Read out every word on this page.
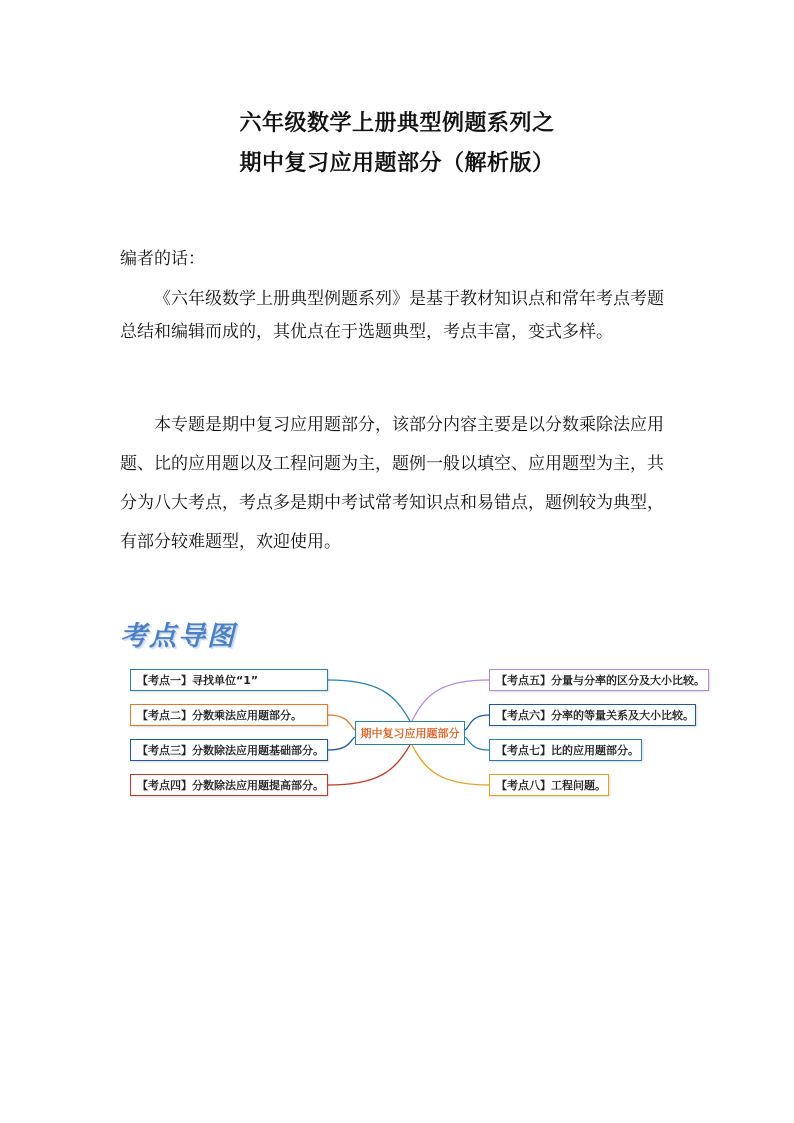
六年级数学上册典型例题系列之
期中复习应用题部分（解析版）
编者的话：
《六年级数学上册典型例题系列》是基于教材知识点和常年考点考题总结和编辑而成的，其优点在于选题典型，考点丰富，变式多样。
本专题是期中复习应用题部分，该部分内容主要是以分数乘除法应用题、比的应用题以及工程问题为主，题例一般以填空、应用题型为主，共分为八大考点，考点多是期中考试常考知识点和易错点，题例较为典型，有部分较难题型，欢迎使用。
考点导图
期中复习应用题部分
【考点一】寻找单位“1”
【考点二】分数乘法应用题部分。
【考点三】分数除法应用题基础部分。
【考点四】分数除法应用题提高部分。
【考点五】分量与分率的区分及大小比较。
【考点六】分率的等量关系及大小比较。
【考点七】比的应用题部分。
【考点八】工程问题。
